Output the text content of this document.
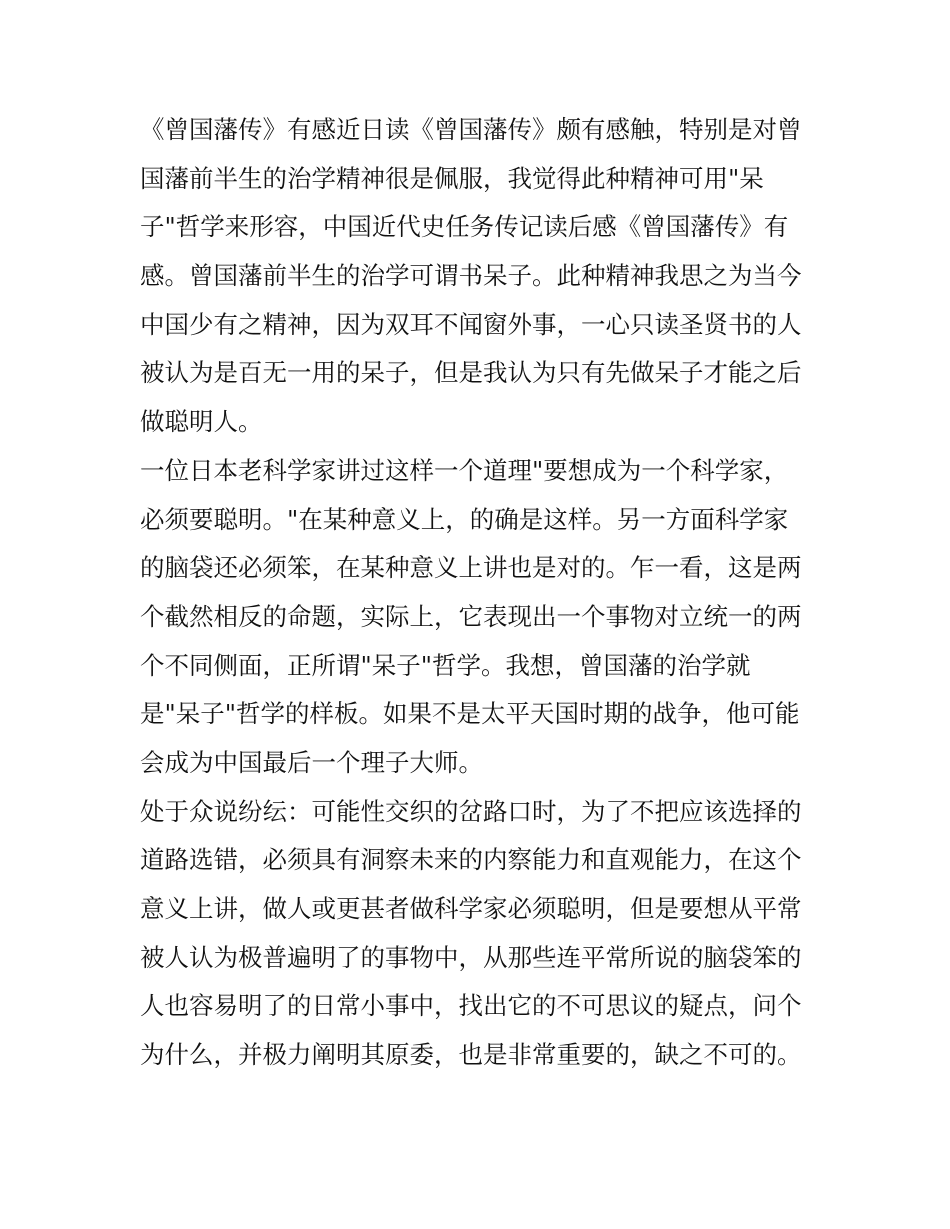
《曾国藩传》有感近日读《曾国藩传》颇有感触，特别是对曾
国藩前半生的治学精神很是佩服，我觉得此种精神可用"呆
子"哲学来形容，中国近代史任务传记读后感《曾国藩传》有
感。曾国藩前半生的治学可谓书呆子。此种精神我思之为当今
中国少有之精神，因为双耳不闻窗外事，一心只读圣贤书的人
被认为是百无一用的呆子，但是我认为只有先做呆子才能之后
做聪明人。
一位日本老科学家讲过这样一个道理"要想成为一个科学家，
必须要聪明。"在某种意义上，的确是这样。另一方面科学家
的脑袋还必须笨，在某种意义上讲也是对的。乍一看，这是两
个截然相反的命题，实际上，它表现出一个事物对立统一的两
个不同侧面，正所谓"呆子"哲学。我想，曾国藩的治学就
是"呆子"哲学的样板。如果不是太平天国时期的战争，他可能
会成为中国最后一个理子大师。
处于众说纷纭：可能性交织的岔路口时，为了不把应该选择的
道路选错，必须具有洞察未来的内察能力和直观能力，在这个
意义上讲，做人或更甚者做科学家必须聪明，但是要想从平常
被人认为极普遍明了的事物中，从那些连平常所说的脑袋笨的
人也容易明了的日常小事中，找出它的不可思议的疑点，问个
为什么，并极力阐明其原委，也是非常重要的，缺之不可的。
